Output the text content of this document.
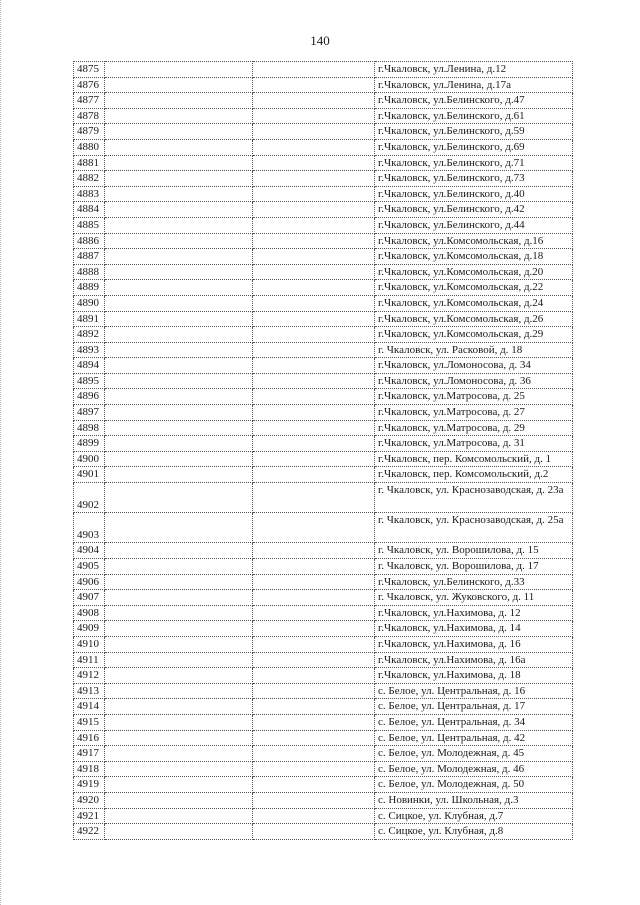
140
4875			г.Чкаловск, ул.Ленина, д.12
4876			г.Чкаловск, ул.Ленина, д.17а
4877			г.Чкаловск, ул.Белинского, д.47
4878			г.Чкаловск, ул.Белинского, д.61
4879			г.Чкаловск, ул.Белинского, д.59
4880			г.Чкаловск, ул.Белинского, д.69
4881			г.Чкаловск, ул.Белинского, д.71
4882			г.Чкаловск, ул.Белинского, д.73
4883			г.Чкаловск, ул.Белинского, д.40
4884			г.Чкаловск, ул.Белинского, д.42
4885			г.Чкаловск, ул.Белинского, д.44
4886			г.Чкаловск, ул.Комсомольская, д.16
4887			г.Чкаловск, ул.Комсомольская, д.18
4888			г.Чкаловск, ул.Комсомольская, д.20
4889			г.Чкаловск, ул.Комсомольская, д.22
4890			г.Чкаловск, ул.Комсомольская, д.24
4891			г.Чкаловск, ул.Комсомольская, д.26
4892			г.Чкаловск, ул.Комсомольская, д.29
4893			г. Чкаловск, ул. Расковой, д. 18
4894			г.Чкаловск, ул.Ломоносова, д. 34
4895			г.Чкаловск, ул.Ломоносова, д. 36
4896			г.Чкаловск, ул.Матросова, д. 25
4897			г.Чкаловск, ул.Матросова, д. 27
4898			г.Чкаловск, ул.Матросова, д. 29
4899			г.Чкаловск, ул.Матросова, д. 31
4900			г.Чкаловск, пер. Комсомольский, д. 1
4901			г.Чкаловск, пер. Комсомольский, д.2
4902			г. Чкаловск, ул. Краснозаводская, д. 23а
4903			г. Чкаловск, ул. Краснозаводская, д. 25а
4904			г. Чкаловск, ул. Ворошилова, д. 15
4905			г. Чкаловск, ул. Ворошилова, д. 17
4906			г.Чкаловск, ул.Белинского, д.33
4907			г. Чкаловск, ул. Жуковского, д. 11
4908			г.Чкаловск, ул.Нахимова, д. 12
4909			г.Чкаловск, ул.Нахимова, д. 14
4910			г.Чкаловск, ул.Нахимова, д. 16
4911			г.Чкаловск, ул.Нахимова, д. 16а
4912			г.Чкаловск, ул.Нахимова, д. 18
4913			с. Белое, ул. Центральная, д. 16
4914			с. Белое, ул. Центральная, д. 17
4915			с. Белое, ул. Центральная, д. 34
4916			с. Белое, ул. Центральная, д. 42
4917			с. Белое, ул. Молодежная, д. 45
4918			с. Белое, ул. Молодежная, д. 46
4919			с. Белое, ул. Молодежная, д. 50
4920			с. Новинки, ул. Школьная, д.3
4921			с. Сицкое, ул. Клубная, д.7
4922			с. Сицкое, ул. Клубная, д.8
